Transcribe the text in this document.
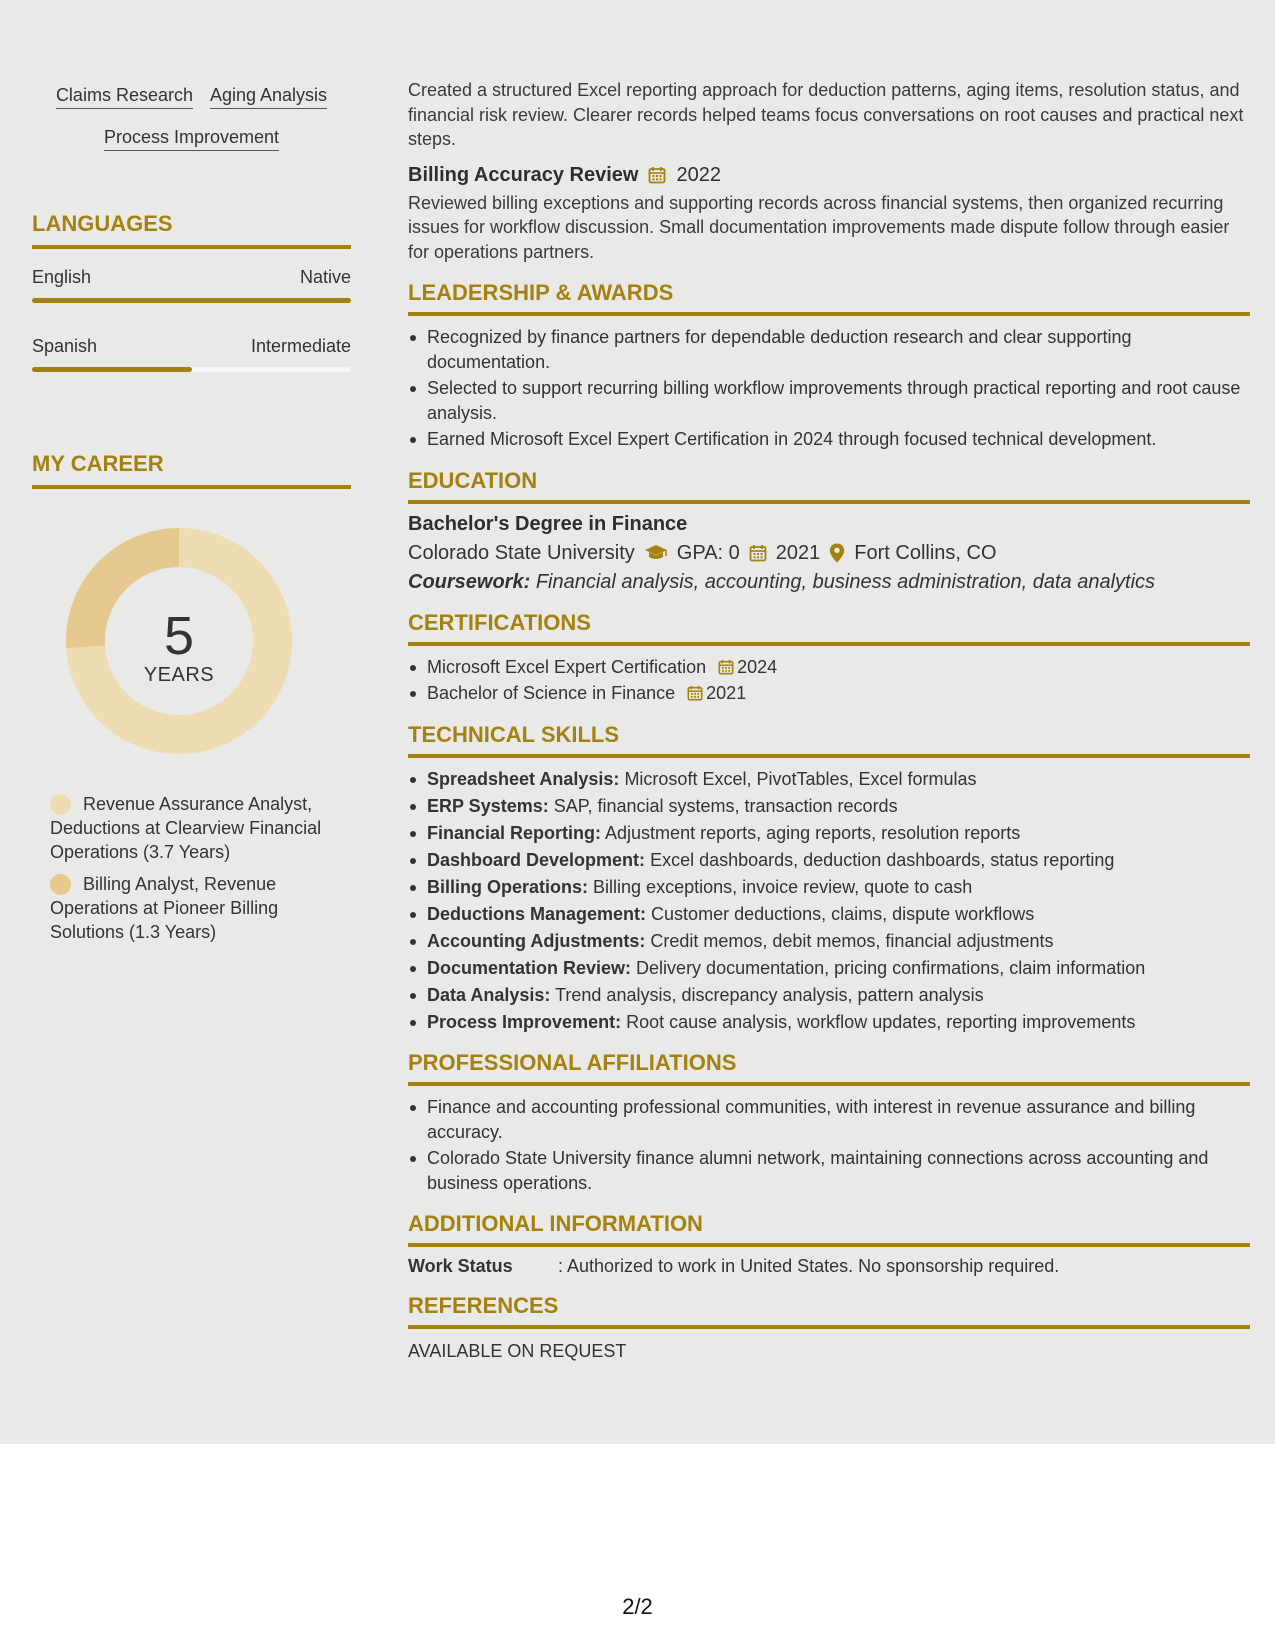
Claims Research Aging Analysis
Process Improvement
LANGUAGES
English	Native
Spanish	Intermediate
MY CAREER
5
YEARS
Revenue Assurance Analyst, Deductions at Clearview Financial Operations (3.7 Years)
Billing Analyst, Revenue Operations at Pioneer Billing Solutions (1.3 Years)
Created a structured Excel reporting approach for deduction patterns, aging items, resolution status, and financial risk review. Clearer records helped teams focus conversations on root causes and practical next steps.
Billing Accuracy Review 2022
Reviewed billing exceptions and supporting records across financial systems, then organized recurring issues for workflow discussion. Small documentation improvements made dispute follow through easier for operations partners.
LEADERSHIP & AWARDS
Recognized by finance partners for dependable deduction research and clear supporting documentation.
Selected to support recurring billing workflow improvements through practical reporting and root cause analysis.
Earned Microsoft Excel Expert Certification in 2024 through focused technical development.
EDUCATION
Bachelor's Degree in Finance
Colorado State University GPA: 0 2021 Fort Collins, CO
Coursework: Financial analysis, accounting, business administration, data analytics
CERTIFICATIONS
Microsoft Excel Expert Certification 2024
Bachelor of Science in Finance 2021
TECHNICAL SKILLS
Spreadsheet Analysis: Microsoft Excel, PivotTables, Excel formulas
ERP Systems: SAP, financial systems, transaction records
Financial Reporting: Adjustment reports, aging reports, resolution reports
Dashboard Development: Excel dashboards, deduction dashboards, status reporting
Billing Operations: Billing exceptions, invoice review, quote to cash
Deductions Management: Customer deductions, claims, dispute workflows
Accounting Adjustments: Credit memos, debit memos, financial adjustments
Documentation Review: Delivery documentation, pricing confirmations, claim information
Data Analysis: Trend analysis, discrepancy analysis, pattern analysis
Process Improvement: Root cause analysis, workflow updates, reporting improvements
PROFESSIONAL AFFILIATIONS
Finance and accounting professional communities, with interest in revenue assurance and billing accuracy.
Colorado State University finance alumni network, maintaining connections across accounting and business operations.
ADDITIONAL INFORMATION
Work Status	: Authorized to work in United States. No sponsorship required.
REFERENCES
AVAILABLE ON REQUEST
2/2
